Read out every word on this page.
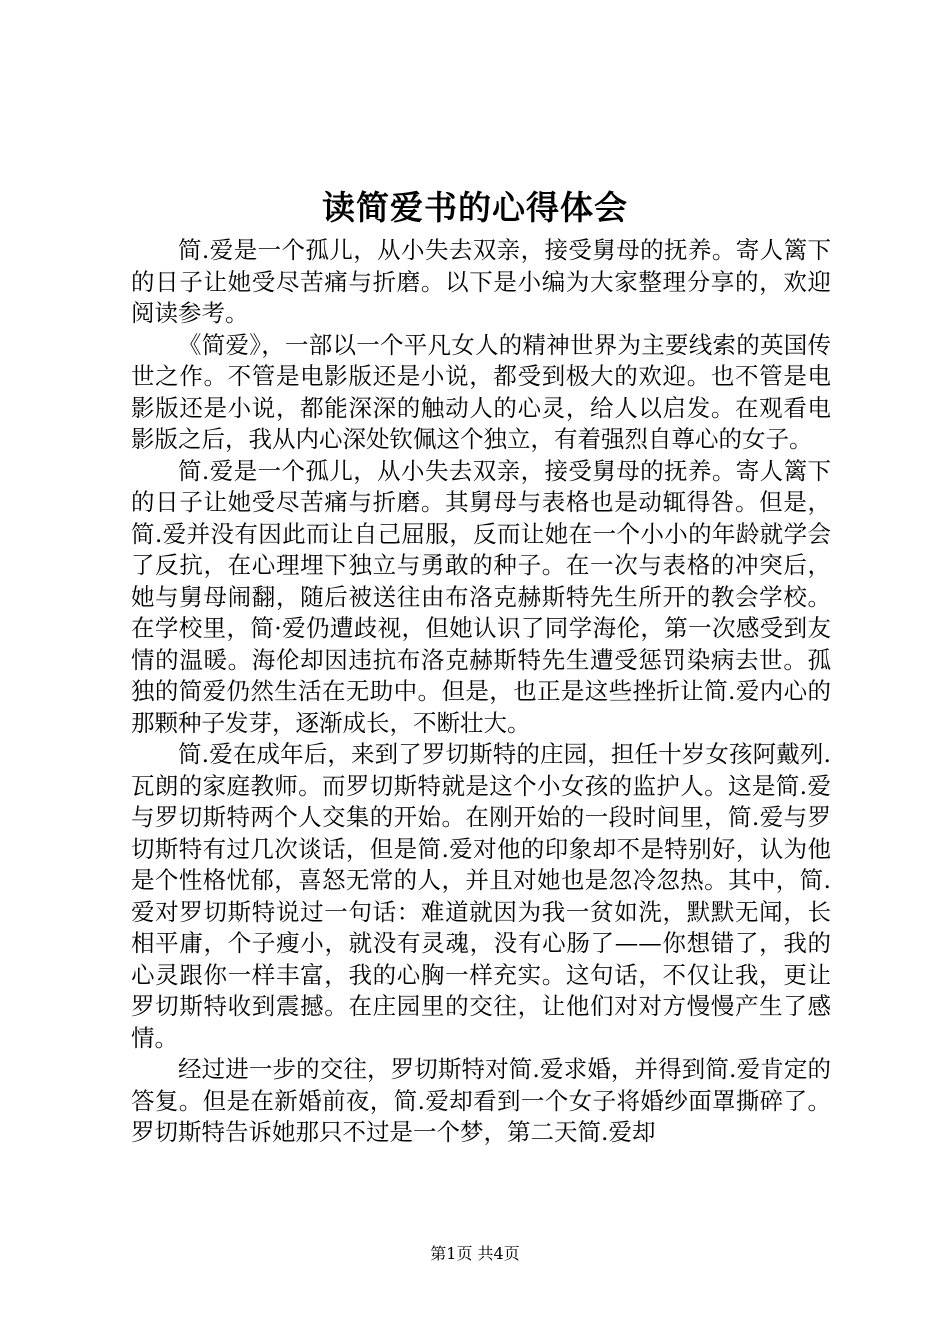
读简爱书的心得体会

简.爱是一个孤儿，从小失去双亲，接受舅母的抚养。寄人篱下的日子让她受尽苦痛与折磨。以下是小编为大家整理分享的，欢迎阅读参考。

《简爱》，一部以一个平凡女人的精神世界为主要线索的英国传世之作。不管是电影版还是小说，都受到极大的欢迎。也不管是电影版还是小说，都能深深的触动人的心灵，给人以启发。在观看电影版之后，我从内心深处钦佩这个独立，有着强烈自尊心的女子。

简.爱是一个孤儿，从小失去双亲，接受舅母的抚养。寄人篱下的日子让她受尽苦痛与折磨。其舅母与表格也是动辄得咎。但是，简.爱并没有因此而让自己屈服，反而让她在一个小小的年龄就学会了反抗，在心理埋下独立与勇敢的种子。在一次与表格的冲突后，她与舅母闹翻，随后被送往由布洛克赫斯特先生所开的教会学校。在学校里，简·爱仍遭歧视，但她认识了同学海伦，第一次感受到友情的温暖。海伦却因违抗布洛克赫斯特先生遭受惩罚染病去世。孤独的简爱仍然生活在无助中。但是，也正是这些挫折让简.爱内心的那颗种子发芽，逐渐成长，不断壮大。

简.爱在成年后，来到了罗切斯特的庄园，担任十岁女孩阿戴列.瓦朗的家庭教师。而罗切斯特就是这个小女孩的监护人。这是简.爱与罗切斯特两个人交集的开始。在刚开始的一段时间里，简.爱与罗切斯特有过几次谈话，但是简.爱对他的印象却不是特别好，认为他是个性格忧郁，喜怒无常的人，并且对她也是忽冷忽热。其中，简.爱对罗切斯特说过一句话：难道就因为我一贫如洗，默默无闻，长相平庸，个子瘦小，就没有灵魂，没有心肠了——你想错了，我的心灵跟你一样丰富，我的心胸一样充实。这句话，不仅让我，更让罗切斯特收到震撼。在庄园里的交往，让他们对对方慢慢产生了感情。

经过进一步的交往，罗切斯特对简.爱求婚，并得到简.爱肯定的答复。但是在新婚前夜，简.爱却看到一个女子将婚纱面罩撕碎了。罗切斯特告诉她那只不过是一个梦，第二天简.爱却

第1页 共4页
